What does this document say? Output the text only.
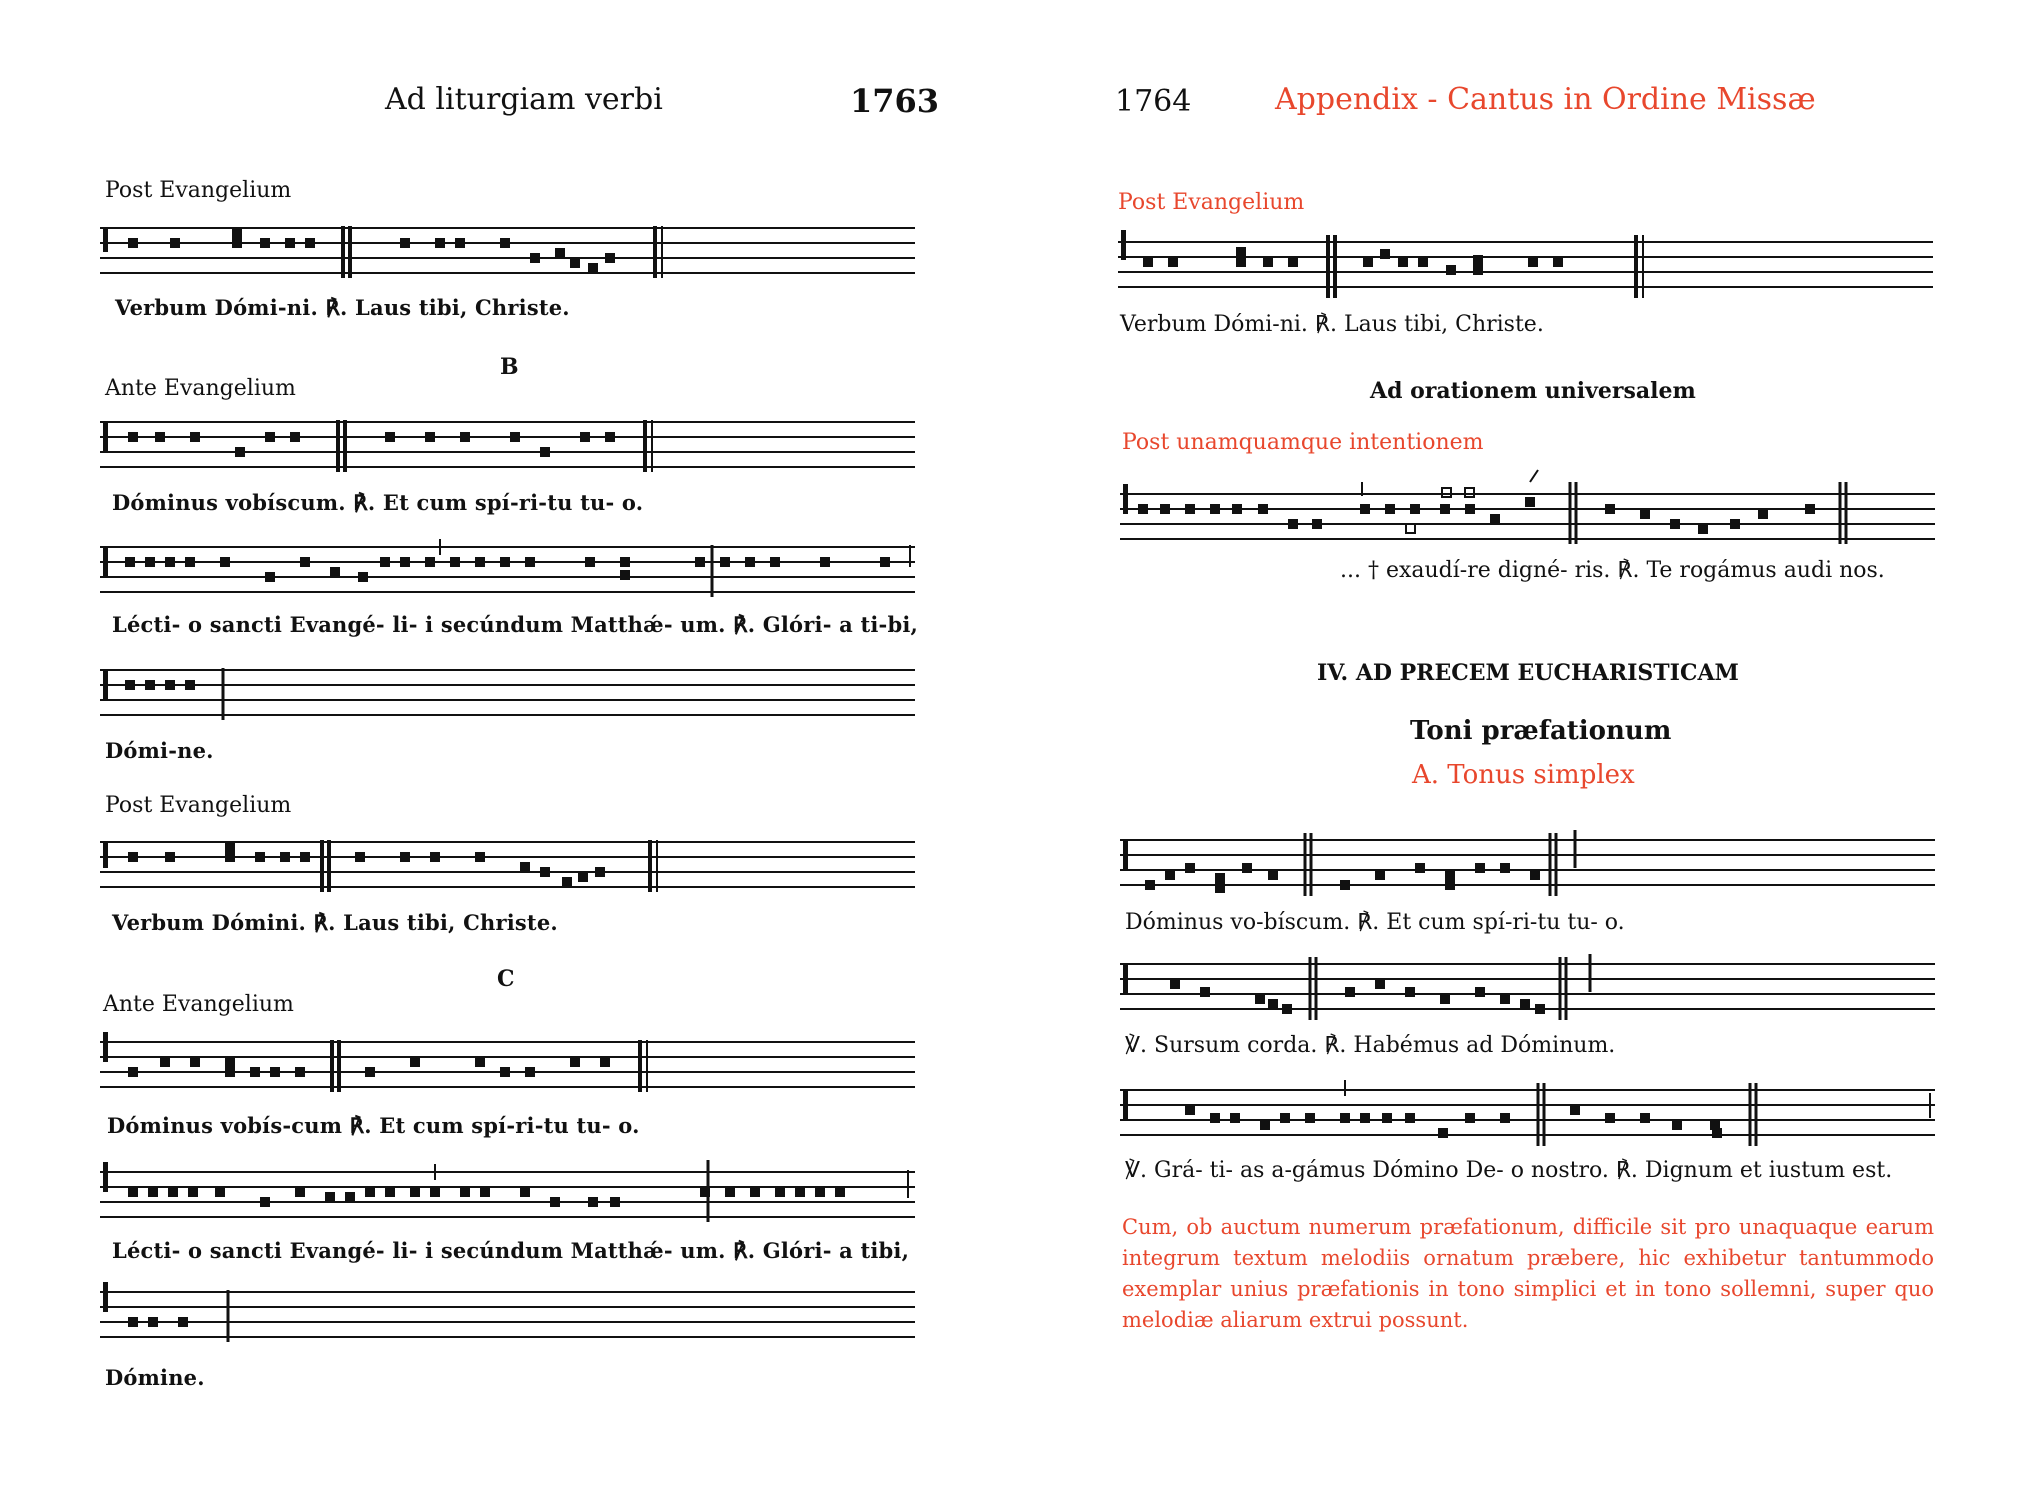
Ad liturgiam verbi	1763
Post Evangelium
Verbum Dómi-ni. ℟. Laus tibi, Christe.
B
Ante Evangelium
Dóminus vobíscum. ℟. Et cum spí-ri-tu tu- o.
Lécti- o sancti Evangé- li- i secúndum Matthǽ- um. ℟. Glóri- a ti-bi,
Dómi-ne.
Post Evangelium
Verbum Dómini. ℟. Laus tibi, Christe.
C
Ante Evangelium
Dóminus vobís-cum ℟. Et cum spí-ri-tu tu- o.
Lécti- o sancti Evangé- li- i secúndum Matthǽ- um. ℟. Glóri- a tibi,
Dómine.
1764	Appendix - Cantus in Ordine Missæ
Post Evangelium
Verbum Dómi-ni. ℟. Laus tibi, Christe.
Ad orationem universalem
Post unamquamque intentionem
... † exaudí-re digné- ris. ℟. Te rogámus audi nos.
IV. AD PRECEM EUCHARISTICAM
Toni præfationum
A. Tonus simplex
Dóminus vo-bíscum. ℟. Et cum spí-ri-tu tu- o.
℣. Sursum corda. ℟. Habémus ad Dóminum.
℣. Grá- ti- as a-gámus Dómino De- o nostro. ℟. Dignum et iustum est.
Cum, ob auctum numerum præfationum, difficile sit pro unaquaque earum integrum textum melodiis ornatum præbere, hic exhibetur tantummodo exemplar unius præfationis in tono simplici et in tono sollemni, super quo melodiæ aliarum extrui possunt.
